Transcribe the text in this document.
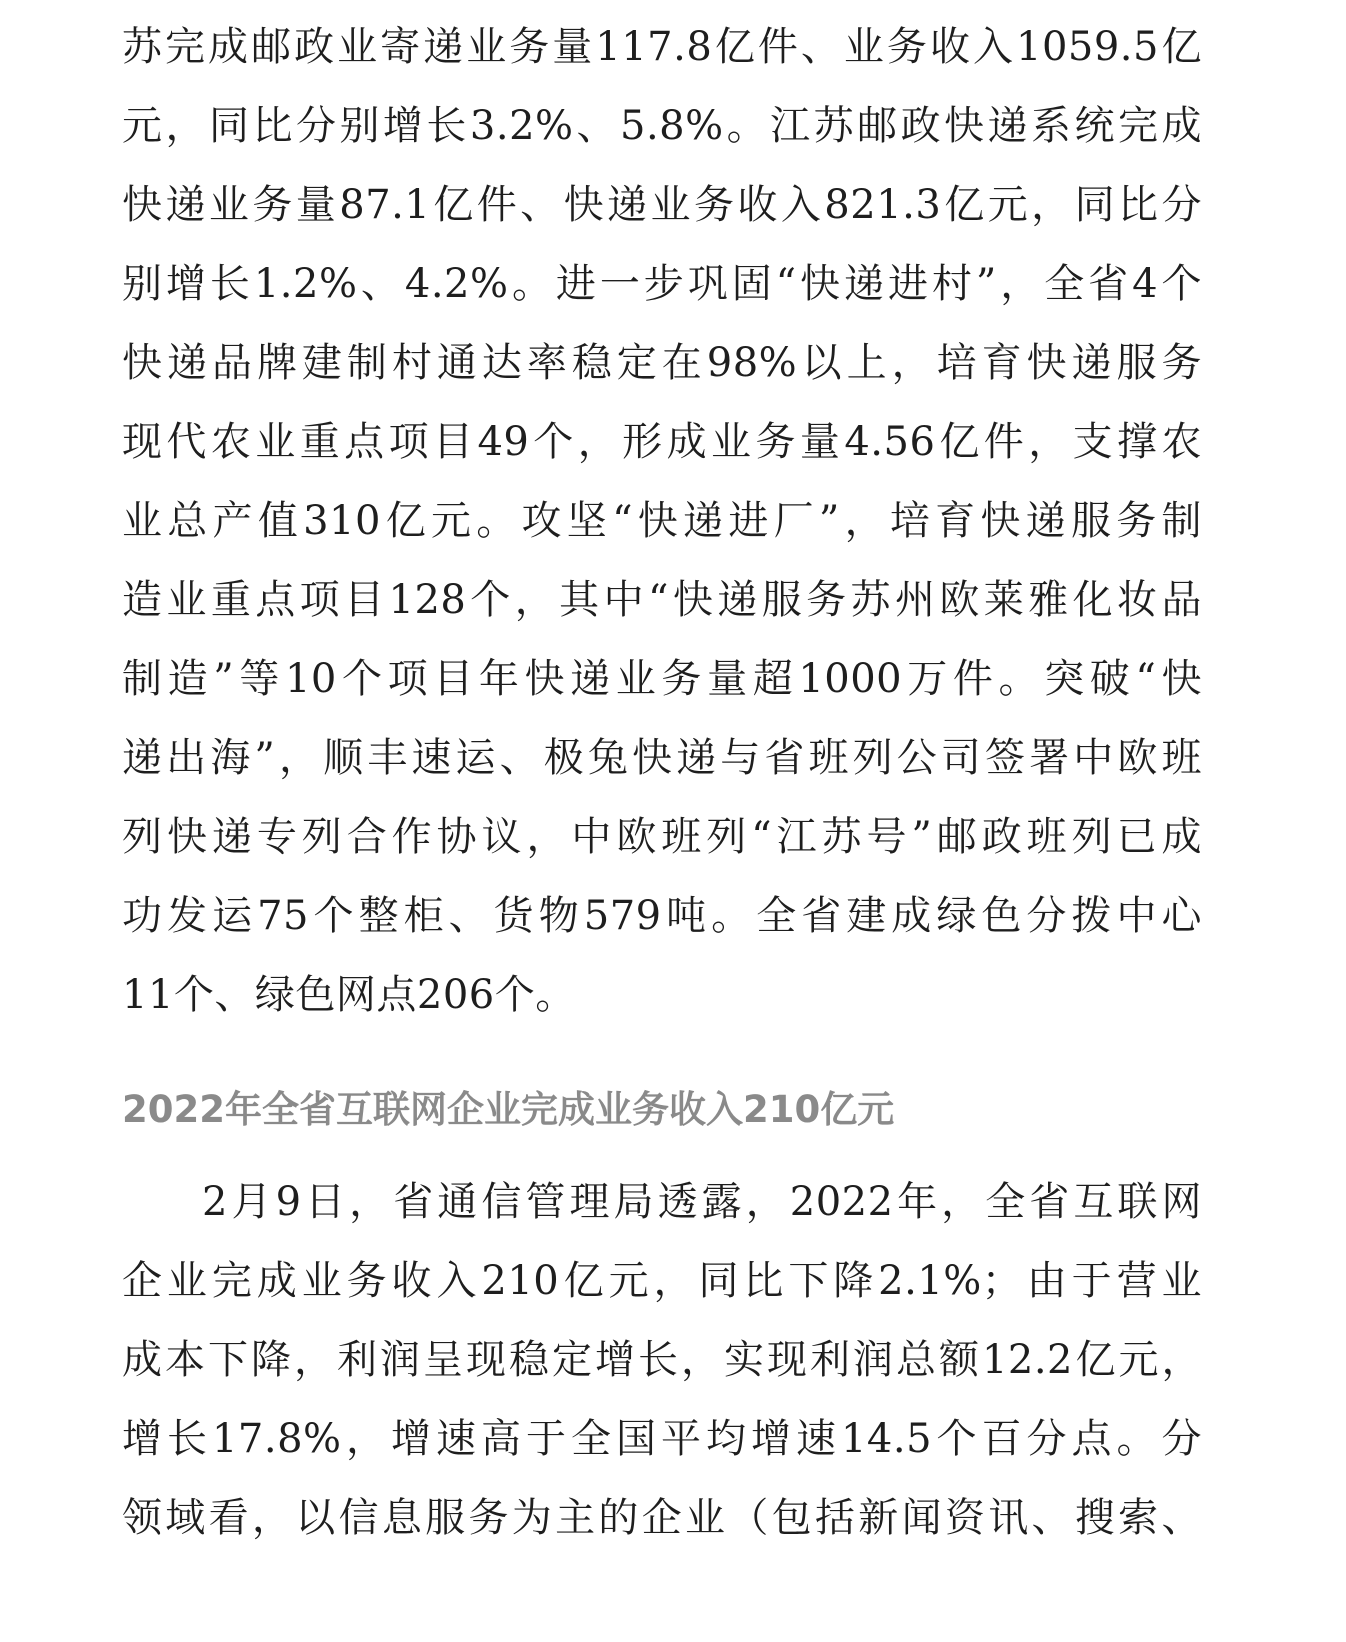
苏完成邮政业寄递业务量117.8亿件、业务收入1059.5亿
元，同比分别增长3.2%、5.8%。江苏邮政快递系统完成
快递业务量87.1亿件、快递业务收入821.3亿元，同比分
别增长1.2%、4.2%。进一步巩固“快递进村”，全省4个
快递品牌建制村通达率稳定在98%以上，培育快递服务
现代农业重点项目49个，形成业务量4.56亿件，支撑农
业总产值310亿元。攻坚“快递进厂”，培育快递服务制
造业重点项目128个，其中“快递服务苏州欧莱雅化妆品
制造”等10个项目年快递业务量超1000万件。突破“快
递出海”，顺丰速运、极兔快递与省班列公司签署中欧班
列快递专列合作协议，中欧班列“江苏号”邮政班列已成
功发运75个整柜、货物579吨。全省建成绿色分拨中心
11个、绿色网点206个。
2022年全省互联网企业完成业务收入210亿元
2月9日，省通信管理局透露，2022年，全省互联网
企业完成业务收入210亿元，同比下降2.1%；由于营业
成本下降，利润呈现稳定增长，实现利润总额12.2亿元，
增长17.8%，增速高于全国平均增速14.5个百分点。分
领域看，以信息服务为主的企业（包括新闻资讯、搜索、
